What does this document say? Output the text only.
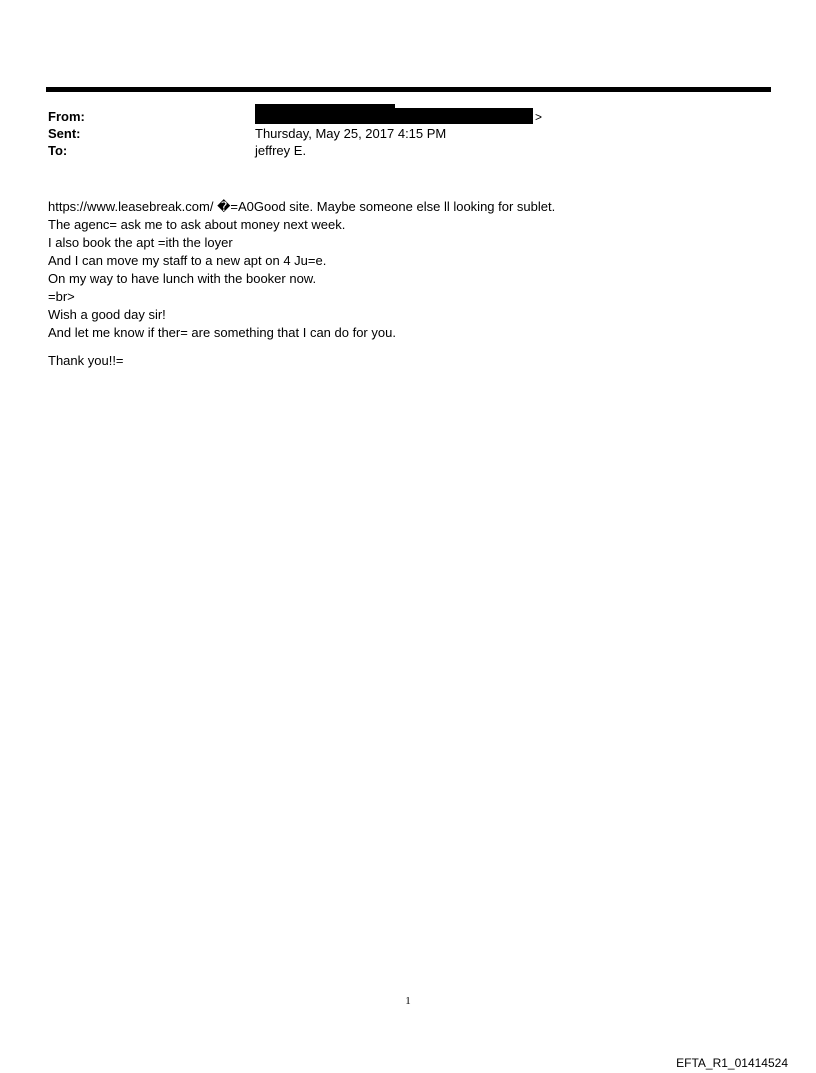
From:	>
Sent:	Thursday, May 25, 2017 4:15 PM
To:	jeffrey E.
https://www.leasebreak.com/ �=A0Good site. Maybe someone else ll looking for sublet.
The agenc= ask me to ask about money next week.
I also book the apt =ith the loyer
And I can move my staff to a new apt on 4 Ju=e.
On my way to have lunch with the booker now.
=br>
Wish a good day sir!
And let me know if ther= are something that I can do for you.
Thank you!!=
1
EFTA_R1_01414524
